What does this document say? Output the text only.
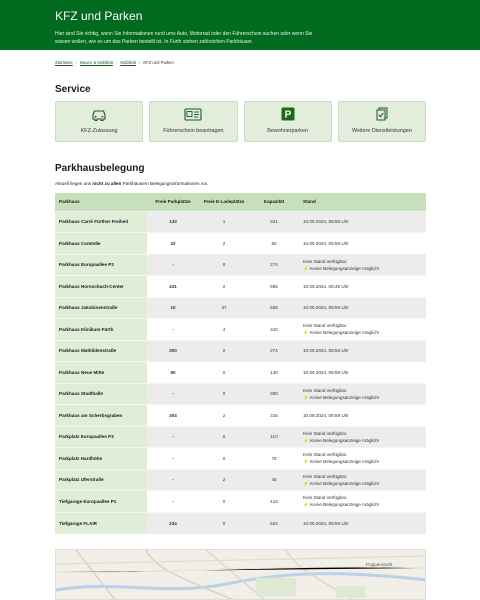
KFZ und Parken

Hier sind Sie richtig, wenn Sie Informationen rund ums Auto, Motorrad oder den Führerschein suchen oder wenn Sie wissen wollen, wie es um das Parken bestellt ist. In Fürth stehen zahlreichen Parkhäuser.

Startseite › Bauen & Mobilität › Mobilität › KFZ und Parken
Service
KFZ-Zulassung	Führerschein beantragen
P
Bewohnerparken	Weitere Dienstleistungen
Parkhausbelegung

Aktuell liegen uns nicht zu allen Parkhäusern Belegungsinformationen vor.

Parkhaus	Freie Parkplätze	Freie E-Ladeplätze	Kapazität	Stand
Parkhaus Carré Fürther Freiheit	133	1	321	10.09.2024, 08:58 Uhr
Parkhaus Comödie	32	2	92	10.09.2024, 08:58 Uhr
Parkhaus Europaallee P2	-	0	274	Kein Stand verfügbar.
⚡ Keine Belegungsanzeige möglich!
Parkhaus Hornschuch-Center	431	2	685	10.09.2024, 08:49 Uhr
Parkhaus Jakobinenstraße	10	47	506	10.09.2024, 08:59 Uhr
Parkhaus Klinikum Fürth	-	4	310	Kein Stand verfügbar.
⚡ Keine Belegungsanzeige möglich!
Parkhaus Mathildenstraße	300	2	274	10.09.2024, 08:56 Uhr
Parkhaus Neue Mitte	90	0	140	10.09.2024, 08:59 Uhr
Parkhaus Stadthalle	-	0	300	Kein Stand verfügbar.
⚡ Keine Belegungsanzeige möglich!
Parkhaus am Scherbsgraben	304	2	315	10.09.2024, 08:59 Uhr
Parkplatz Europaallee P3	-	0	110	Kein Stand verfügbar.
⚡ Keine Belegungsanzeige möglich!
Parkplatz Hardhöhe	-	0	78	Kein Stand verfügbar.
⚡ Keine Belegungsanzeige möglich!
Parkplatz Uferstraße	-	2	45	Kein Stand verfügbar.
⚡ Keine Belegungsanzeige möglich!
Tiefgarage Europaallee P1	-	0	413	Kein Stand verfügbar.
⚡ Keine Belegungsanzeige möglich!
Tiefgarage FLAIR	234	0	524	10.09.2024, 08:59 Uhr
Poppenreuth
